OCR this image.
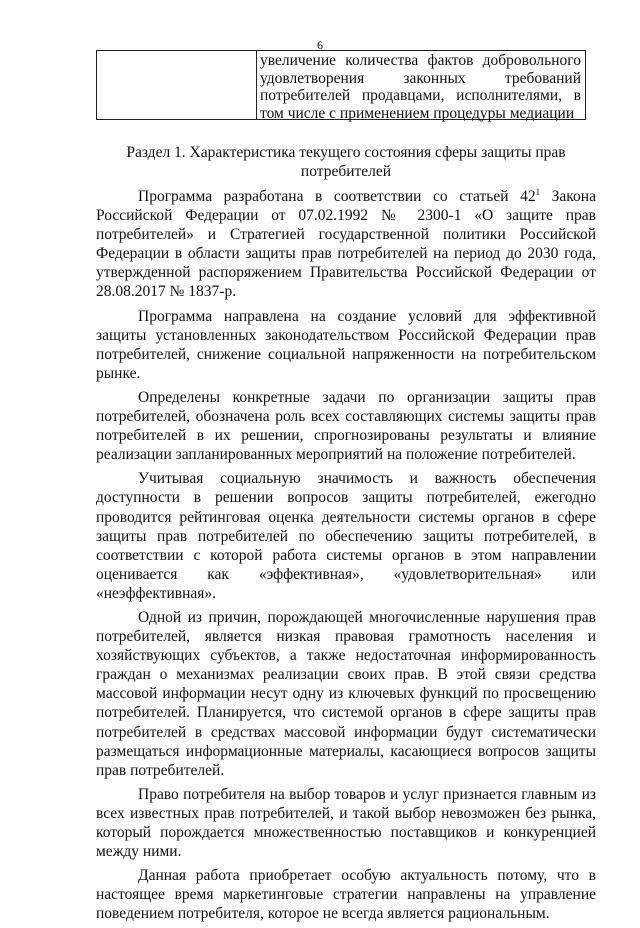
6
увеличение количества фактов добровольного удовлетворения законных требований потребителей продавцами, исполнителями, в том числе с применением процедуры медиации
Раздел 1. Характеристика текущего состояния сферы защиты прав потребителей

Программа разработана в соответствии со статьей $42^1$ Закона Российской Федерации от 07.02.1992 № 2300-1 «О защите прав потребителей» и Стратегией государственной политики Российской Федерации в области защиты прав потребителей на период до 2030 года, утвержденной распоряжением Правительства Российской Федерации от 28.08.2017 № 1837-р.

Программа направлена на создание условий для эффективной защиты установленных законодательством Российской Федерации прав потребителей, снижение социальной напряженности на потребительском рынке.

Определены конкретные задачи по организации защиты прав потребителей, обозначена роль всех составляющих системы защиты прав потребителей в их решении, спрогнозированы результаты и влияние реализации запланированных мероприятий на положение потребителей.

Учитывая социальную значимость и важность обеспечения доступности в решении вопросов защиты потребителей, ежегодно проводится рейтинговая оценка деятельности системы органов в сфере защиты прав потребителей по обеспечению защиты потребителей, в соответствии с которой работа системы органов в этом направлении оценивается как «эффективная», «удовлетворительная» или «неэффективная».

Одной из причин, порождающей многочисленные нарушения прав потребителей, является низкая правовая грамотность населения и хозяйствующих субъектов, а также недостаточная информированность граждан о механизмах реализации своих прав. В этой связи средства массовой информации несут одну из ключевых функций по просвещению потребителей. Планируется, что системой органов в сфере защиты прав потребителей в средствах массовой информации будут систематически размещаться информационные материалы, касающиеся вопросов защиты прав потребителей.

Право потребителя на выбор товаров и услуг признается главным из всех известных прав потребителей, и такой выбор невозможен без рынка, который порождается множественностью поставщиков и конкуренцией между ними.

Данная работа приобретает особую актуальность потому, что в настоящее время маркетинговые стратегии направлены на управление поведением потребителя, которое не всегда является рациональным.
